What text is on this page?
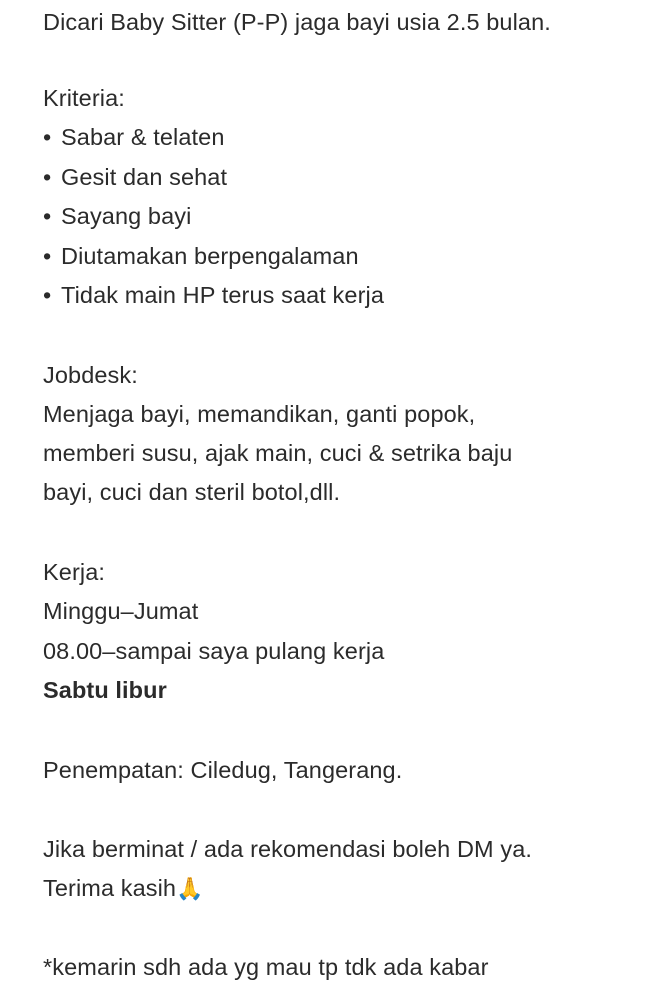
Dicari Baby Sitter (P-P) jaga bayi usia 2.5 bulan.
Kriteria:
• Sabar & telaten
• Gesit dan sehat
• Sayang bayi
• Diutamakan berpengalaman
• Tidak main HP terus saat kerja
Jobdesk:
Menjaga bayi, memandikan, ganti popok,
memberi susu, ajak main, cuci & setrika baju
bayi, cuci dan steril botol,dll.
Kerja:
Minggu–Jumat
08.00–sampai saya pulang kerja
Sabtu libur
Penempatan: Ciledug, Tangerang.
Jika berminat / ada rekomendasi boleh DM ya.
Terima kasih🙏
*kemarin sdh ada yg mau tp tdk ada kabar
